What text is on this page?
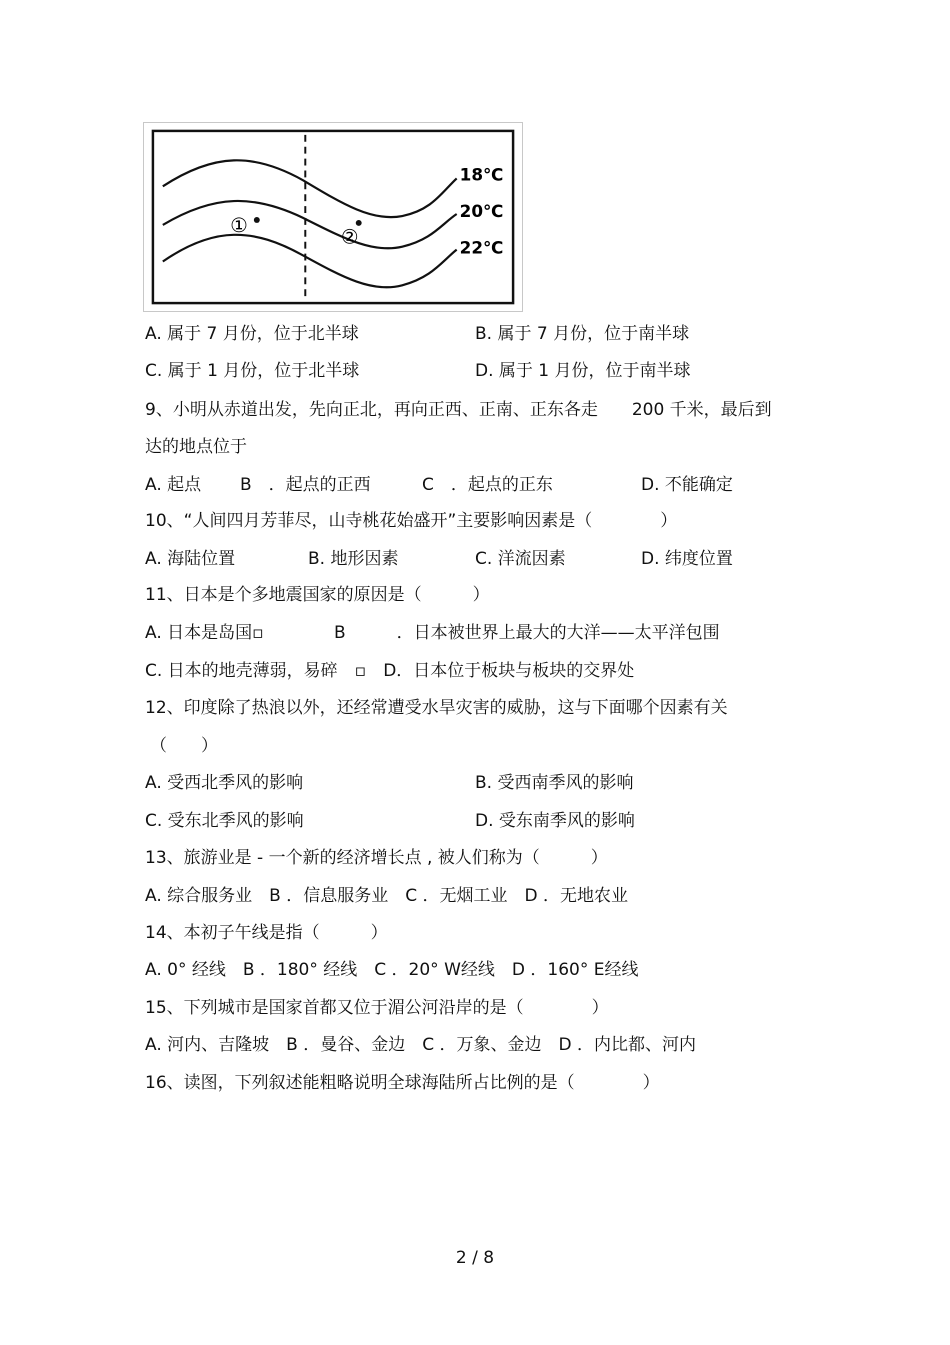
18℃
20℃
22℃
①
②
A. 属于 7 月份，位于北半球	B. 属于 7 月份，位于南半球
C. 属于 1 月份，位于北半球	D. 属于 1 月份，位于南半球
9、小明从赤道出发，先向正北，再向正西、正南、正东各走　　200 千米，最后到
达的地点位于
A. 起点 B　．起点的正西	C　．起点的正东	D. 不能确定
10、“人间四月芳菲尽，山寺桃花始盛开”主要影响因素是（　　　　）
A. 海陆位置	B. 地形因素	C. 洋流因素	D. 纬度位置
11、日本是个多地震国家的原因是（　　　）
A. 日本是岛国▫	B　　　．日本被世界上最大的大洋——太平洋包围
C. 日本的地壳薄弱，易碎　▫　D．日本位于板块与板块的交界处
12、印度除了热浪以外，还经常遭受水旱灾害的威胁，这与下面哪个因素有关
（　　）
A. 受西北季风的影响	B. 受西南季风的影响
C. 受东北季风的影响	D. 受东南季风的影响
13、旅游业是 - 一个新的经济增长点 , 被人们称为（　　　）
A. 综合服务业　B ．信息服务业　C ．无烟工业　D ．无地农业
14、本初子午线是指（　　　）
A. 0° 经线　B ．180° 经线　C ．20° W经线　D ．160° E经线
15、下列城市是国家首都又位于湄公河沿岸的是（　　　　）
A. 河内、吉隆坡　B ．曼谷、金边　C ．万象、金边　D ．内比都、河内
16、读图，下列叙述能粗略说明全球海陆所占比例的是（　　　　）
2 / 8
